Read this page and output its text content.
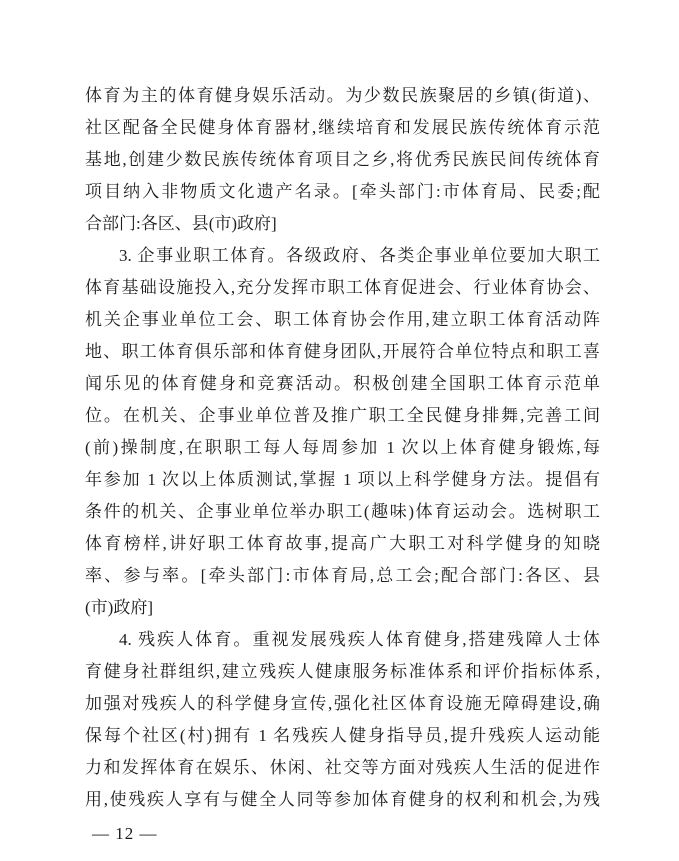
体育为主的体育健身娱乐活动。为少数民族聚居的乡镇(街道)、
社区配备全民健身体育器材,继续培育和发展民族传统体育示范
基地,创建少数民族传统体育项目之乡,将优秀民族民间传统体育
项目纳入非物质文化遗产名录。[牵头部门:市体育局、民委;配
合部门:各区、县(市)政府]
3. 企事业职工体育。各级政府、各类企事业单位要加大职工
体育基础设施投入,充分发挥市职工体育促进会、行业体育协会、
机关企事业单位工会、职工体育协会作用,建立职工体育活动阵
地、职工体育俱乐部和体育健身团队,开展符合单位特点和职工喜
闻乐见的体育健身和竞赛活动。积极创建全国职工体育示范单
位。在机关、企事业单位普及推广职工全民健身排舞,完善工间
(前)操制度,在职职工每人每周参加 1 次以上体育健身锻炼,每
年参加 1 次以上体质测试,掌握 1 项以上科学健身方法。提倡有
条件的机关、企事业单位举办职工(趣味)体育运动会。选树职工
体育榜样,讲好职工体育故事,提高广大职工对科学健身的知晓
率、参与率。[牵头部门:市体育局,总工会;配合部门:各区、县
(市)政府]
4. 残疾人体育。重视发展残疾人体育健身,搭建残障人士体
育健身社群组织,建立残疾人健康服务标准体系和评价指标体系,
加强对残疾人的科学健身宣传,强化社区体育设施无障碍建设,确
保每个社区(村)拥有 1 名残疾人健身指导员,提升残疾人运动能
力和发挥体育在娱乐、休闲、社交等方面对残疾人生活的促进作
用,使残疾人享有与健全人同等参加体育健身的权利和机会,为残
— 12 —
